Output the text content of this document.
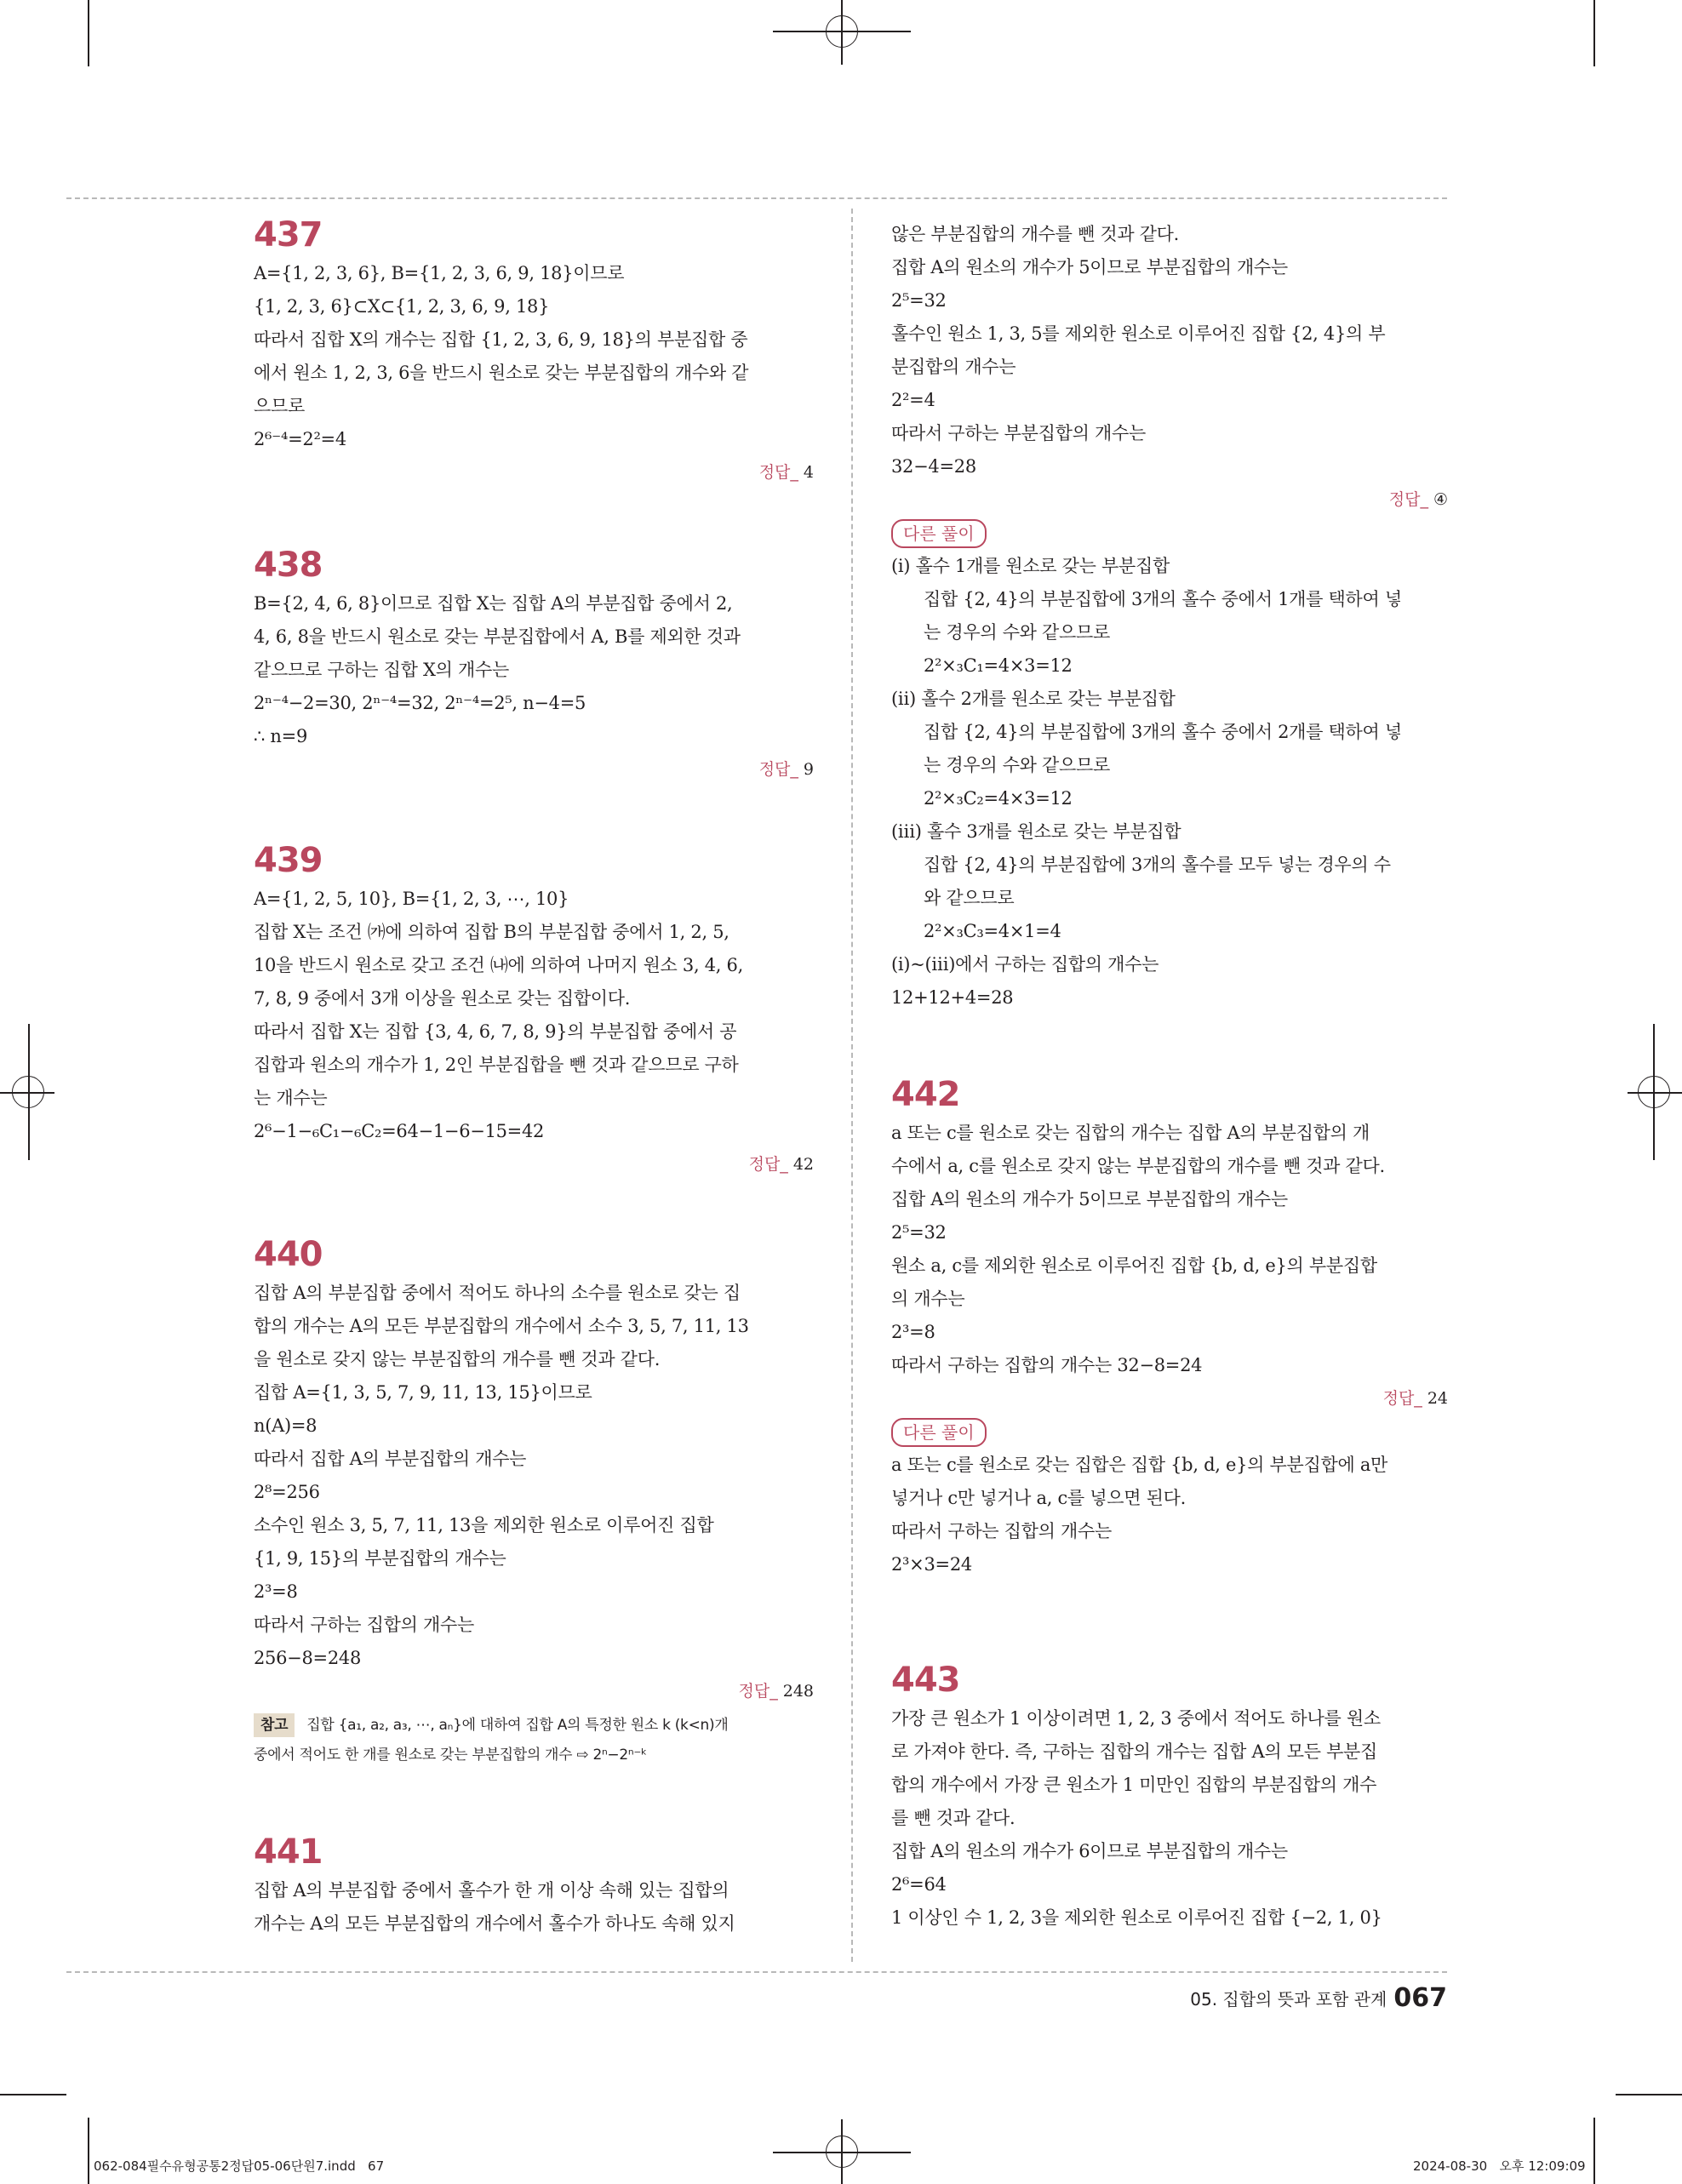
437
A={1, 2, 3, 6}, B={1, 2, 3, 6, 9, 18}이므로
{1, 2, 3, 6}⊂X⊂{1, 2, 3, 6, 9, 18}
따라서 집합 X의 개수는 집합 {1, 2, 3, 6, 9, 18}의 부분집합 중
에서 원소 1, 2, 3, 6을 반드시 원소로 갖는 부분집합의 개수와 같
으므로
2⁶⁻⁴=2²=4
정답_ 4
438
B={2, 4, 6, 8}이므로 집합 X는 집합 A의 부분집합 중에서 2,
4, 6, 8을 반드시 원소로 갖는 부분집합에서 A, B를 제외한 것과
같으므로 구하는 집합 X의 개수는
2ⁿ⁻⁴−2=30, 2ⁿ⁻⁴=32, 2ⁿ⁻⁴=2⁵, n−4=5
∴ n=9
정답_ 9
439
A={1, 2, 5, 10}, B={1, 2, 3, ⋯, 10}
집합 X는 조건 ㈎에 의하여 집합 B의 부분집합 중에서 1, 2, 5,
10을 반드시 원소로 갖고 조건 ㈏에 의하여 나머지 원소 3, 4, 6,
7, 8, 9 중에서 3개 이상을 원소로 갖는 집합이다.
따라서 집합 X는 집합 {3, 4, 6, 7, 8, 9}의 부분집합 중에서 공
집합과 원소의 개수가 1, 2인 부분집합을 뺀 것과 같으므로 구하
는 개수는
2⁶−1−₆C₁−₆C₂=64−1−6−15=42
정답_ 42
440
집합 A의 부분집합 중에서 적어도 하나의 소수를 원소로 갖는 집
합의 개수는 A의 모든 부분집합의 개수에서 소수 3, 5, 7, 11, 13
을 원소로 갖지 않는 부분집합의 개수를 뺀 것과 같다.
집합 A={1, 3, 5, 7, 9, 11, 13, 15}이므로
n(A)=8
따라서 집합 A의 부분집합의 개수는
2⁸=256
소수인 원소 3, 5, 7, 11, 13을 제외한 원소로 이루어진 집합
{1, 9, 15}의 부분집합의 개수는
2³=8
따라서 구하는 집합의 개수는
256−8=248
정답_ 248
참고 집합 {a₁, a₂, a₃, ⋯, aₙ}에 대하여 집합 A의 특정한 원소 k (k<n)개
중에서 적어도 한 개를 원소로 갖는 부분집합의 개수 ⇨ 2ⁿ−2ⁿ⁻ᵏ
441
집합 A의 부분집합 중에서 홀수가 한 개 이상 속해 있는 집합의
개수는 A의 모든 부분집합의 개수에서 홀수가 하나도 속해 있지
않은 부분집합의 개수를 뺀 것과 같다.
집합 A의 원소의 개수가 5이므로 부분집합의 개수는
2⁵=32
홀수인 원소 1, 3, 5를 제외한 원소로 이루어진 집합 {2, 4}의 부
분집합의 개수는
2²=4
따라서 구하는 부분집합의 개수는
32−4=28
정답_ ④
다른 풀이
(ⅰ) 홀수 1개를 원소로 갖는 부분집합
집합 {2, 4}의 부분집합에 3개의 홀수 중에서 1개를 택하여 넣
는 경우의 수와 같으므로
2²×₃C₁=4×3=12
(ⅱ) 홀수 2개를 원소로 갖는 부분집합
집합 {2, 4}의 부분집합에 3개의 홀수 중에서 2개를 택하여 넣
는 경우의 수와 같으므로
2²×₃C₂=4×3=12
(ⅲ) 홀수 3개를 원소로 갖는 부분집합
집합 {2, 4}의 부분집합에 3개의 홀수를 모두 넣는 경우의 수
와 같으므로
2²×₃C₃=4×1=4
(ⅰ)~(ⅲ)에서 구하는 집합의 개수는
12+12+4=28
442
a 또는 c를 원소로 갖는 집합의 개수는 집합 A의 부분집합의 개
수에서 a, c를 원소로 갖지 않는 부분집합의 개수를 뺀 것과 같다.
집합 A의 원소의 개수가 5이므로 부분집합의 개수는
2⁵=32
원소 a, c를 제외한 원소로 이루어진 집합 {b, d, e}의 부분집합
의 개수는
2³=8
따라서 구하는 집합의 개수는 32−8=24
정답_ 24
다른 풀이
a 또는 c를 원소로 갖는 집합은 집합 {b, d, e}의 부분집합에 a만
넣거나 c만 넣거나 a, c를 넣으면 된다.
따라서 구하는 집합의 개수는
2³×3=24
443
가장 큰 원소가 1 이상이려면 1, 2, 3 중에서 적어도 하나를 원소
로 가져야 한다. 즉, 구하는 집합의 개수는 집합 A의 모든 부분집
합의 개수에서 가장 큰 원소가 1 미만인 집합의 부분집합의 개수
를 뺀 것과 같다.
집합 A의 원소의 개수가 6이므로 부분집합의 개수는
2⁶=64
1 이상인 수 1, 2, 3을 제외한 원소로 이루어진 집합 {−2, 1, 0}
05. 집합의 뜻과 포함 관계 067
062-084필수유형공통2정답05-06단원7.indd   67	2024-08-30   오후 12:09:09
